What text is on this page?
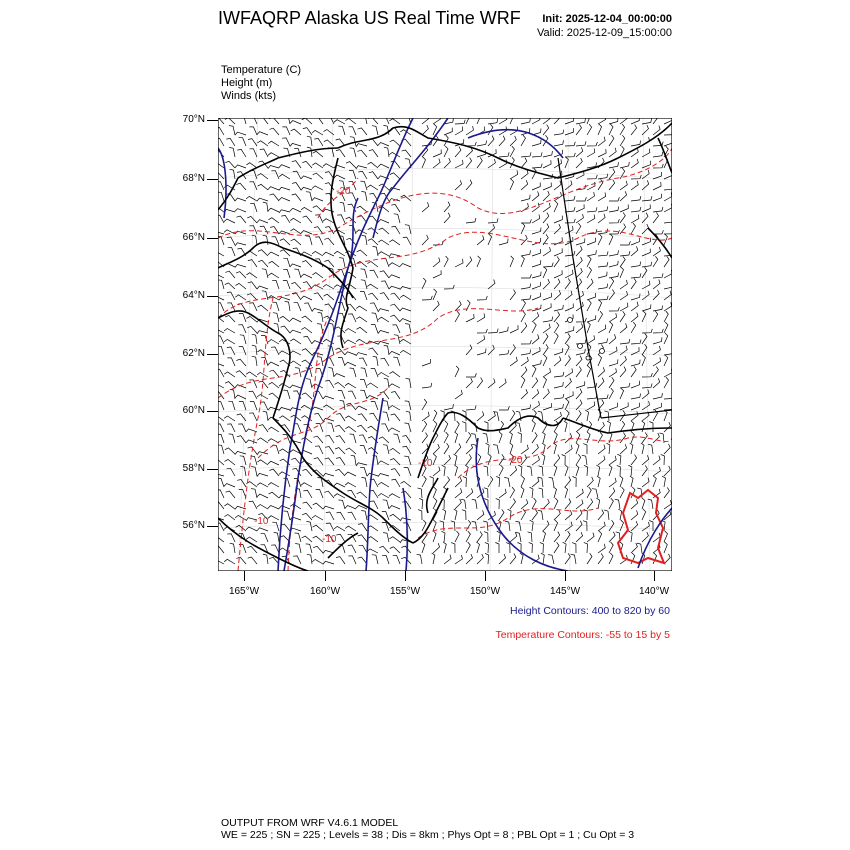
IWFAQRP Alaska US Real Time WRF Init: 2025-12-04_00:00:00
Valid: 2025-12-09_15:00:00
Temperature (C)
Height (m)
Winds (kts)
-20
-10
-10
-10	-20
70°N
68°N
66°N
64°N
62°N
60°N
58°N
56°N
165°W	160°W	155°W	150°W	145°W	140°W
Height Contours: 400 to 820 by 60
Temperature Contours: -55 to 15 by 5
OUTPUT FROM WRF V4.6.1 MODEL
WE = 225 ; SN = 225 ; Levels = 38 ; Dis = 8km ; Phys Opt = 8 ; PBL Opt = 1 ; Cu Opt = 3
